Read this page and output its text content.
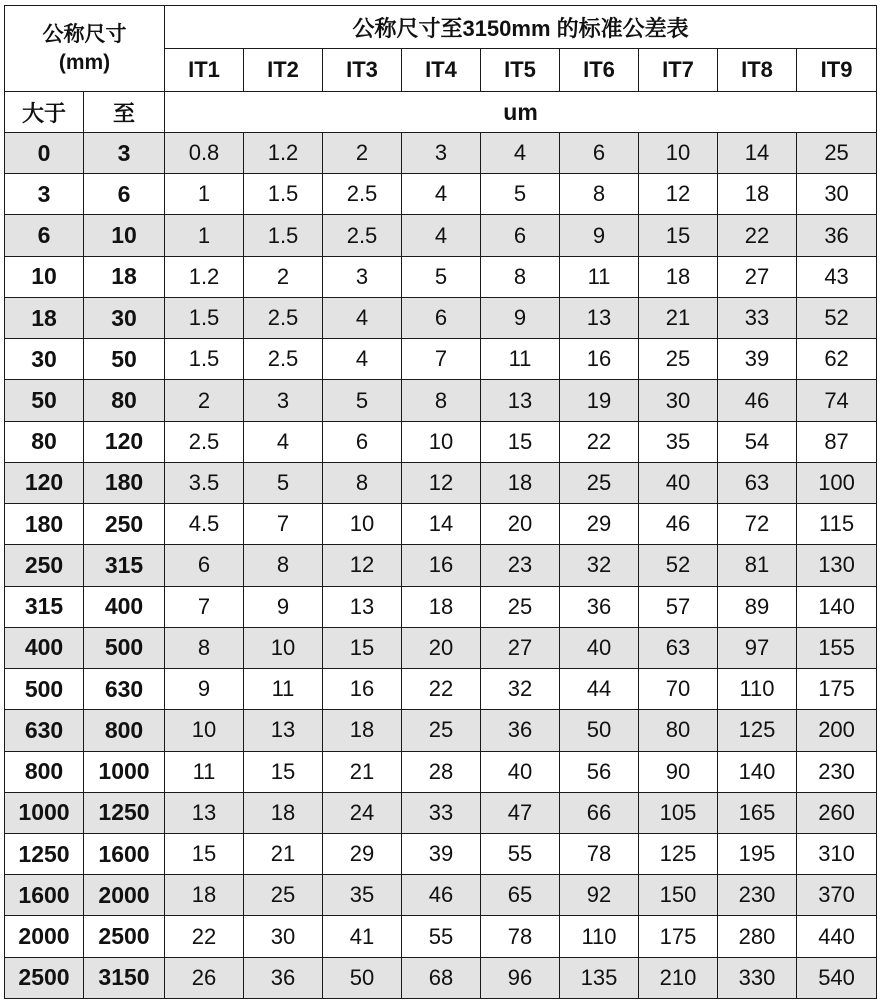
公称尺寸
(mm)		公称尺寸至3150mm 的标准公差表								
		IT1	IT2	IT3	IT4	IT5	IT6	IT7	IT8	IT9
大于	至	um								
0	3	0.8	1.2	2	3	4	6	10	14	25
3	6	1	1.5	2.5	4	5	8	12	18	30
6	10	1	1.5	2.5	4	6	9	15	22	36
10	18	1.2	2	3	5	8	11	18	27	43
18	30	1.5	2.5	4	6	9	13	21	33	52
30	50	1.5	2.5	4	7	11	16	25	39	62
50	80	2	3	5	8	13	19	30	46	74
80	120	2.5	4	6	10	15	22	35	54	87
120	180	3.5	5	8	12	18	25	40	63	100
180	250	4.5	7	10	14	20	29	46	72	115
250	315	6	8	12	16	23	32	52	81	130
315	400	7	9	13	18	25	36	57	89	140
400	500	8	10	15	20	27	40	63	97	155
500	630	9	11	16	22	32	44	70	110	175
630	800	10	13	18	25	36	50	80	125	200
800	1000	11	15	21	28	40	56	90	140	230
1000	1250	13	18	24	33	47	66	105	165	260
1250	1600	15	21	29	39	55	78	125	195	310
1600	2000	18	25	35	46	65	92	150	230	370
2000	2500	22	30	41	55	78	110	175	280	440
2500	3150	26	36	50	68	96	135	210	330	540
